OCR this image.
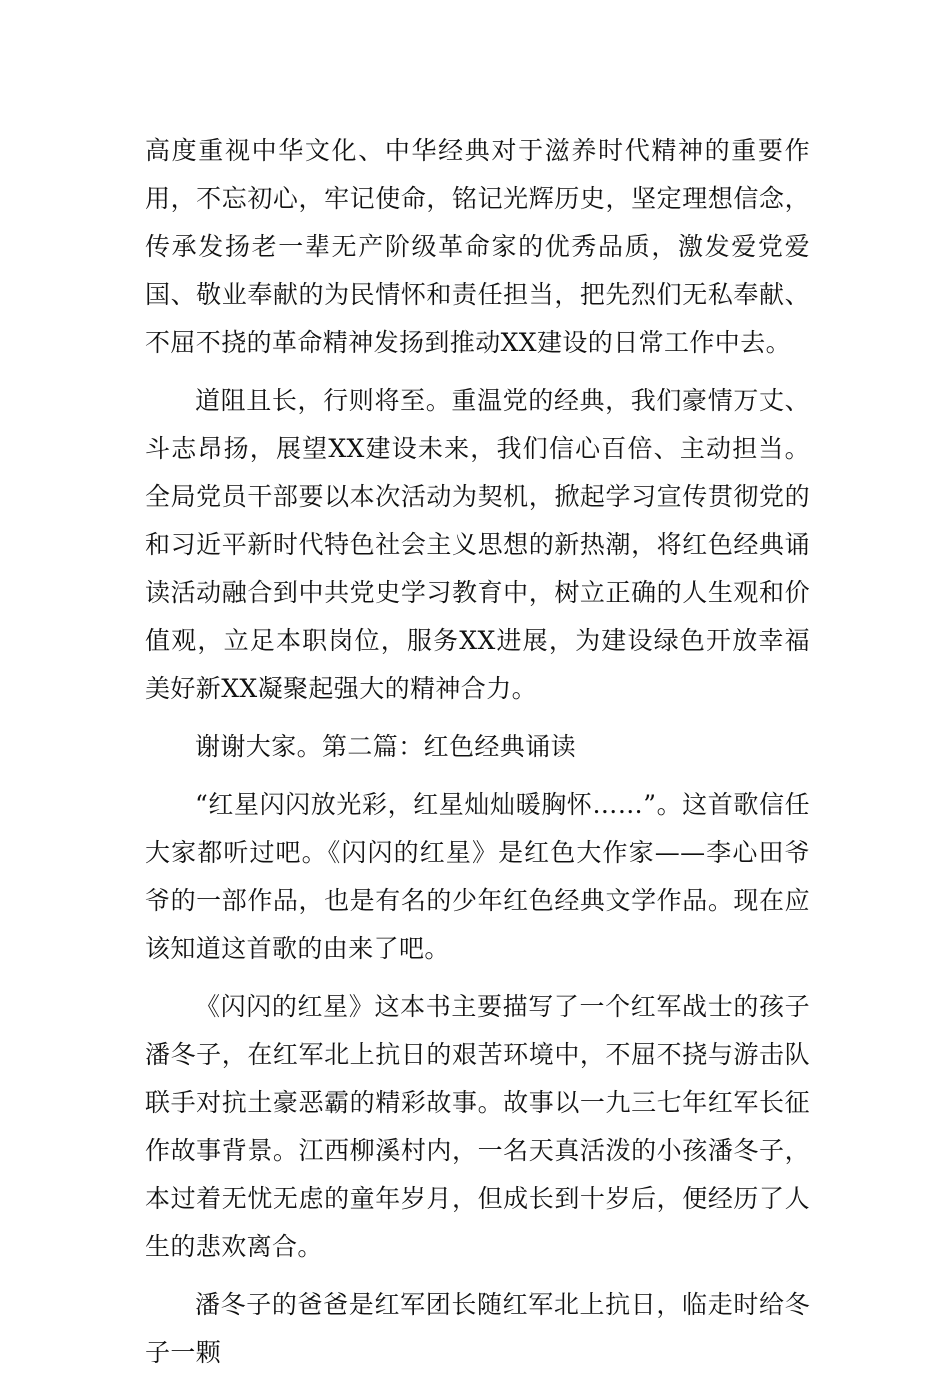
高度重视中华文化、中华经典对于滋养时代精神的重要作用，不忘初心，牢记使命，铭记光辉历史，坚定理想信念，传承发扬老一辈无产阶级革命家的优秀品质，激发爱党爱国、敬业奉献的为民情怀和责任担当，把先烈们无私奉献、不屈不挠的革命精神发扬到推动XX建设的日常工作中去。

道阻且长，行则将至。重温党的经典，我们豪情万丈、斗志昂扬，展望XX建设未来，我们信心百倍、主动担当。全局党员干部要以本次活动为契机，掀起学习宣传贯彻党的和习近平新时代特色社会主义思想的新热潮，将红色经典诵读活动融合到中共党史学习教育中，树立正确的人生观和价值观，立足本职岗位，服务XX进展，为建设绿色开放幸福美好新XX凝聚起强大的精神合力。

谢谢大家。第二篇：红色经典诵读

“红星闪闪放光彩，红星灿灿暖胸怀……”。这首歌信任大家都听过吧。《闪闪的红星》是红色大作家——李心田爷爷的一部作品，也是有名的少年红色经典文学作品。现在应该知道这首歌的由来了吧。

《闪闪的红星》这本书主要描写了一个红军战士的孩子潘冬子，在红军北上抗日的艰苦环境中，不屈不挠与游击队联手对抗土豪恶霸的精彩故事。故事以一九三七年红军长征作故事背景。江西柳溪村内，一名天真活泼的小孩潘冬子，本过着无忧无虑的童年岁月，但成长到十岁后，便经历了人生的悲欢离合。

潘冬子的爸爸是红军团长随红军北上抗日，临走时给冬子一颗
